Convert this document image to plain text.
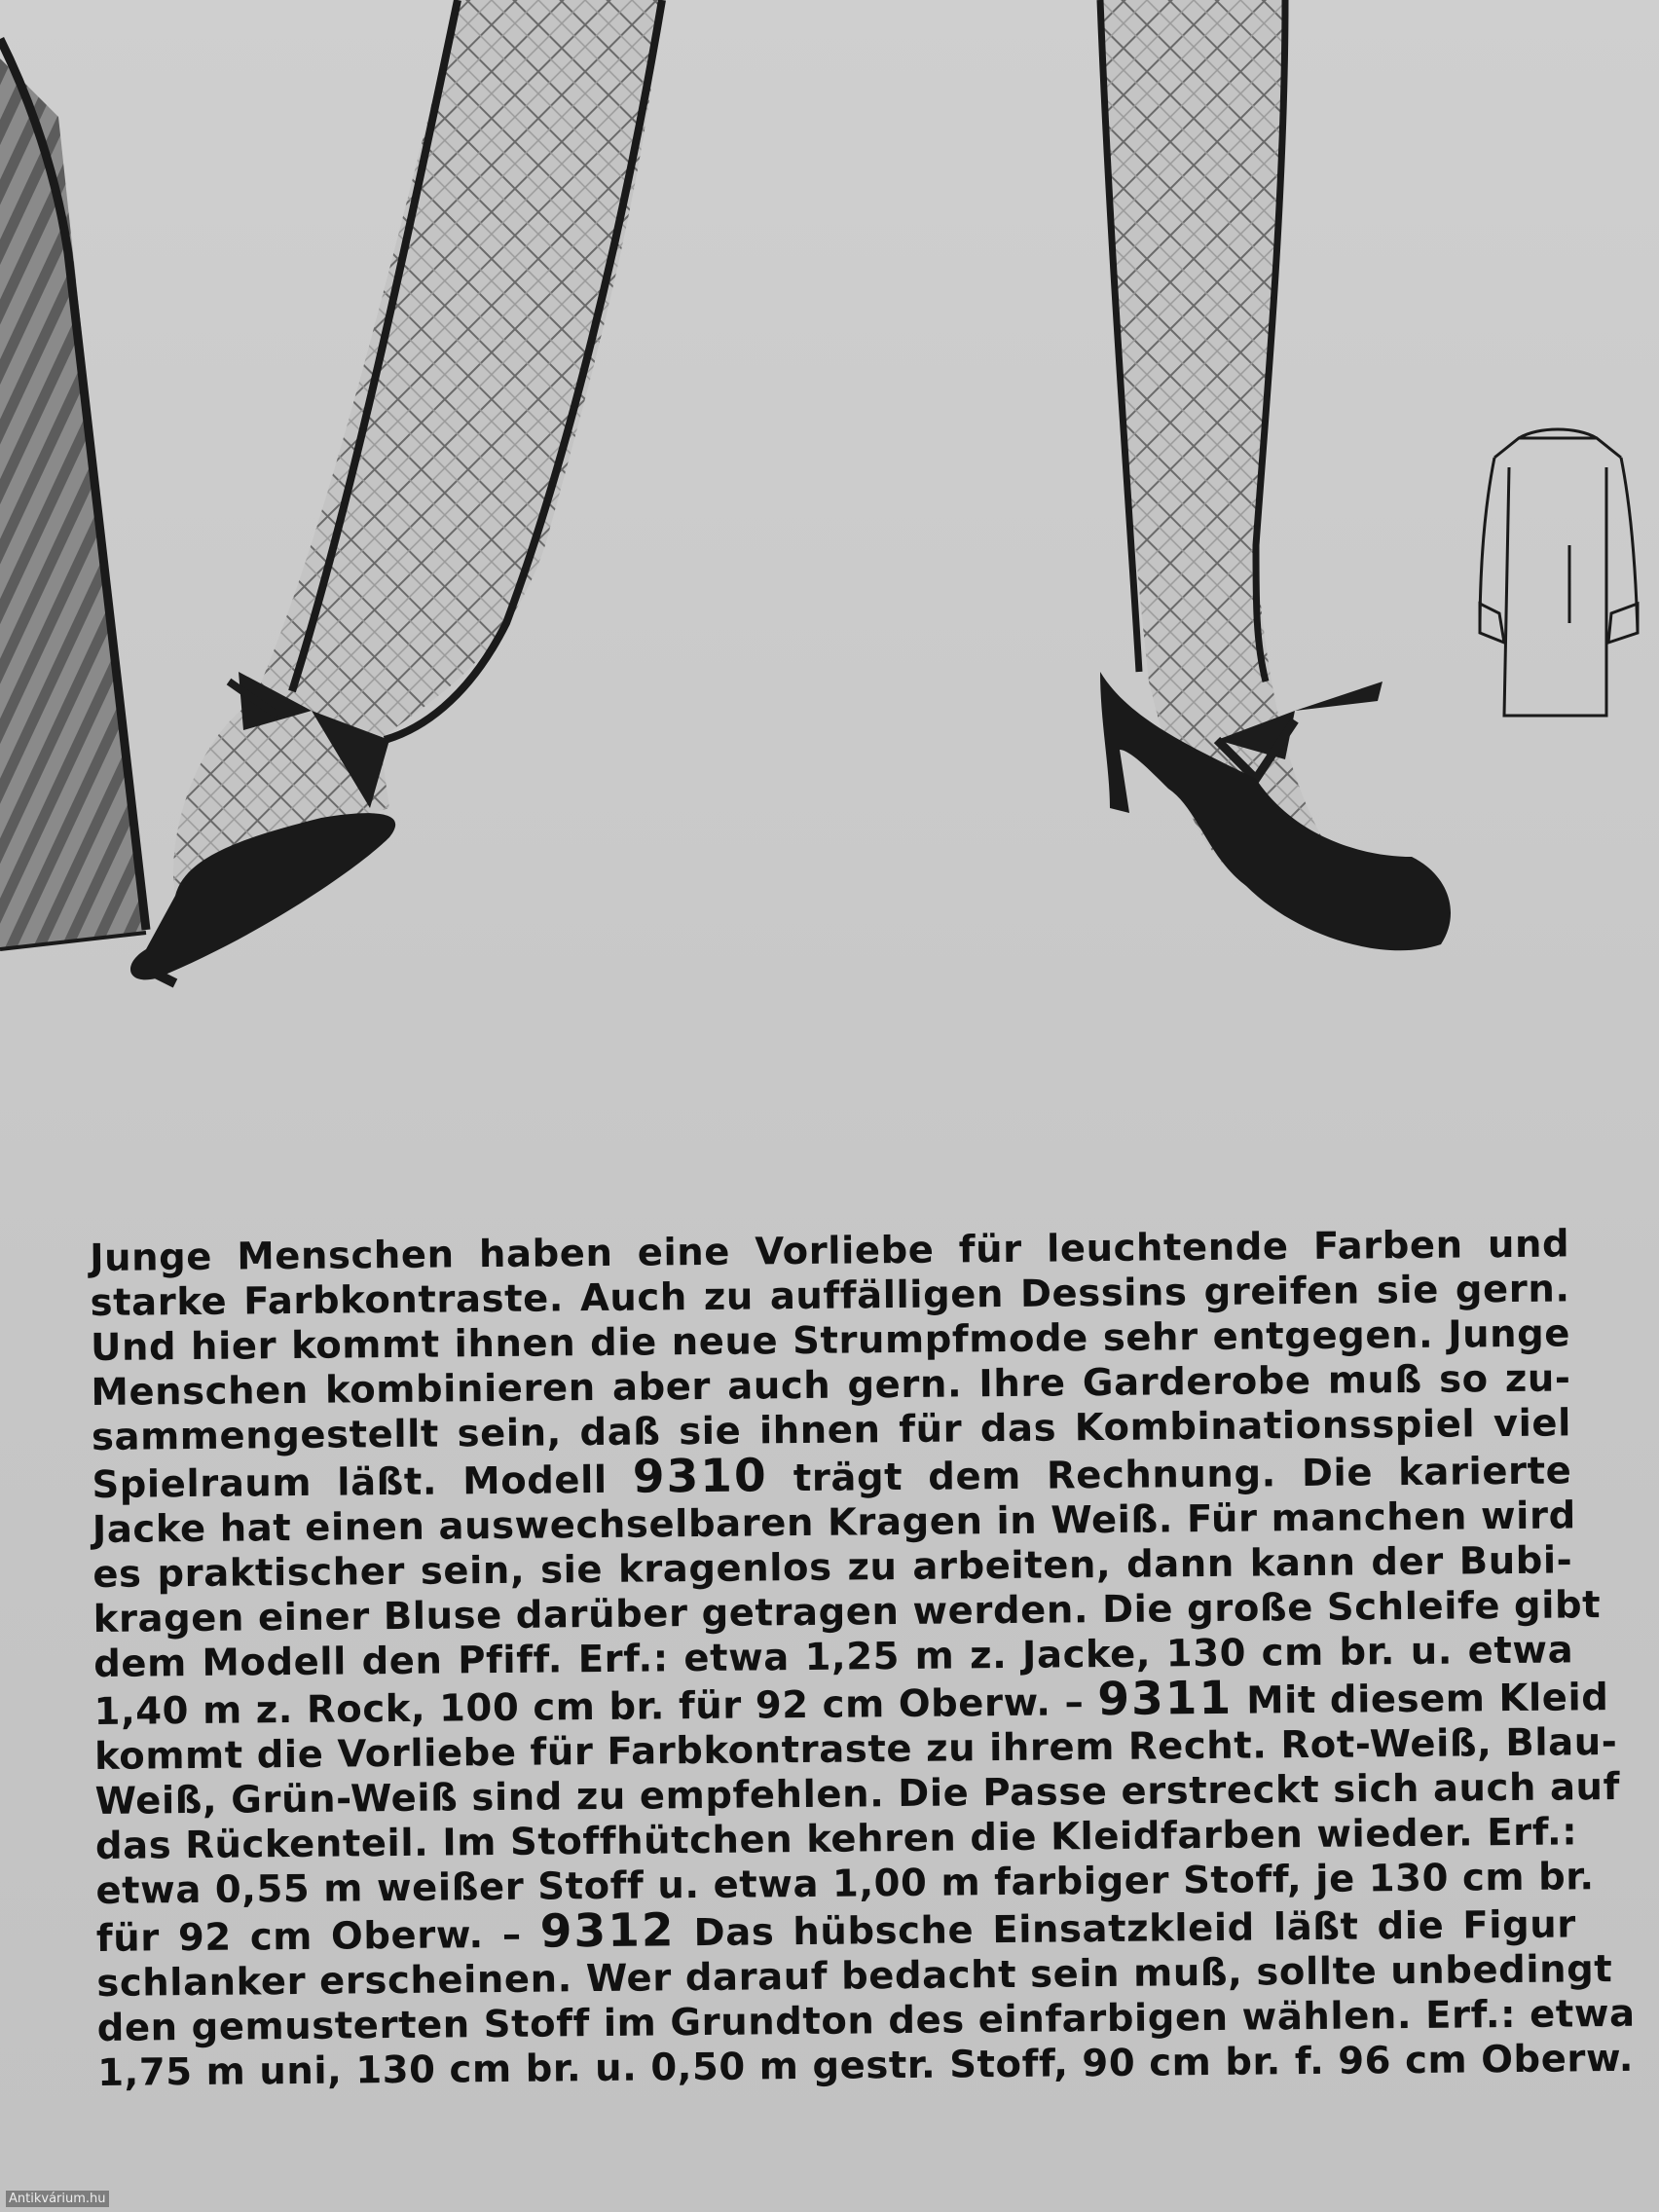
Junge Menschen haben eine Vorliebe für leuchtende Farben und
starke Farbkontraste. Auch zu auffälligen Dessins greifen sie gern.
Und hier kommt ihnen die neue Strumpfmode sehr entgegen. Junge
Menschen kombinieren aber auch gern. Ihre Garderobe muß so zu-
sammengestellt sein, daß sie ihnen für das Kombinationsspiel viel
Spielraum läßt. Modell 9310 trägt dem Rechnung. Die karierte
Jacke hat einen auswechselbaren Kragen in Weiß. Für manchen wird
es praktischer sein, sie kragenlos zu arbeiten, dann kann der Bubi-
kragen einer Bluse darüber getragen werden. Die große Schleife gibt
dem Modell den Pfiff. Erf.: etwa 1,25 m z. Jacke, 130 cm br. u. etwa
1,40 m z. Rock, 100 cm br. für 92 cm Oberw. – 9311 Mit diesem Kleid
kommt die Vorliebe für Farbkontraste zu ihrem Recht. Rot-Weiß, Blau-
Weiß, Grün-Weiß sind zu empfehlen. Die Passe erstreckt sich auch auf
das Rückenteil. Im Stoffhütchen kehren die Kleidfarben wieder. Erf.:
etwa 0,55 m weißer Stoff u. etwa 1,00 m farbiger Stoff, je 130 cm br.
für 92 cm Oberw. – 9312 Das hübsche Einsatzkleid läßt die Figur
schlanker erscheinen. Wer darauf bedacht sein muß, sollte unbedingt
den gemusterten Stoff im Grundton des einfarbigen wählen. Erf.: etwa
1,75 m uni, 130 cm br. u. 0,50 m gestr. Stoff, 90 cm br. f. 96 cm Oberw.
Antikvárium.hu
